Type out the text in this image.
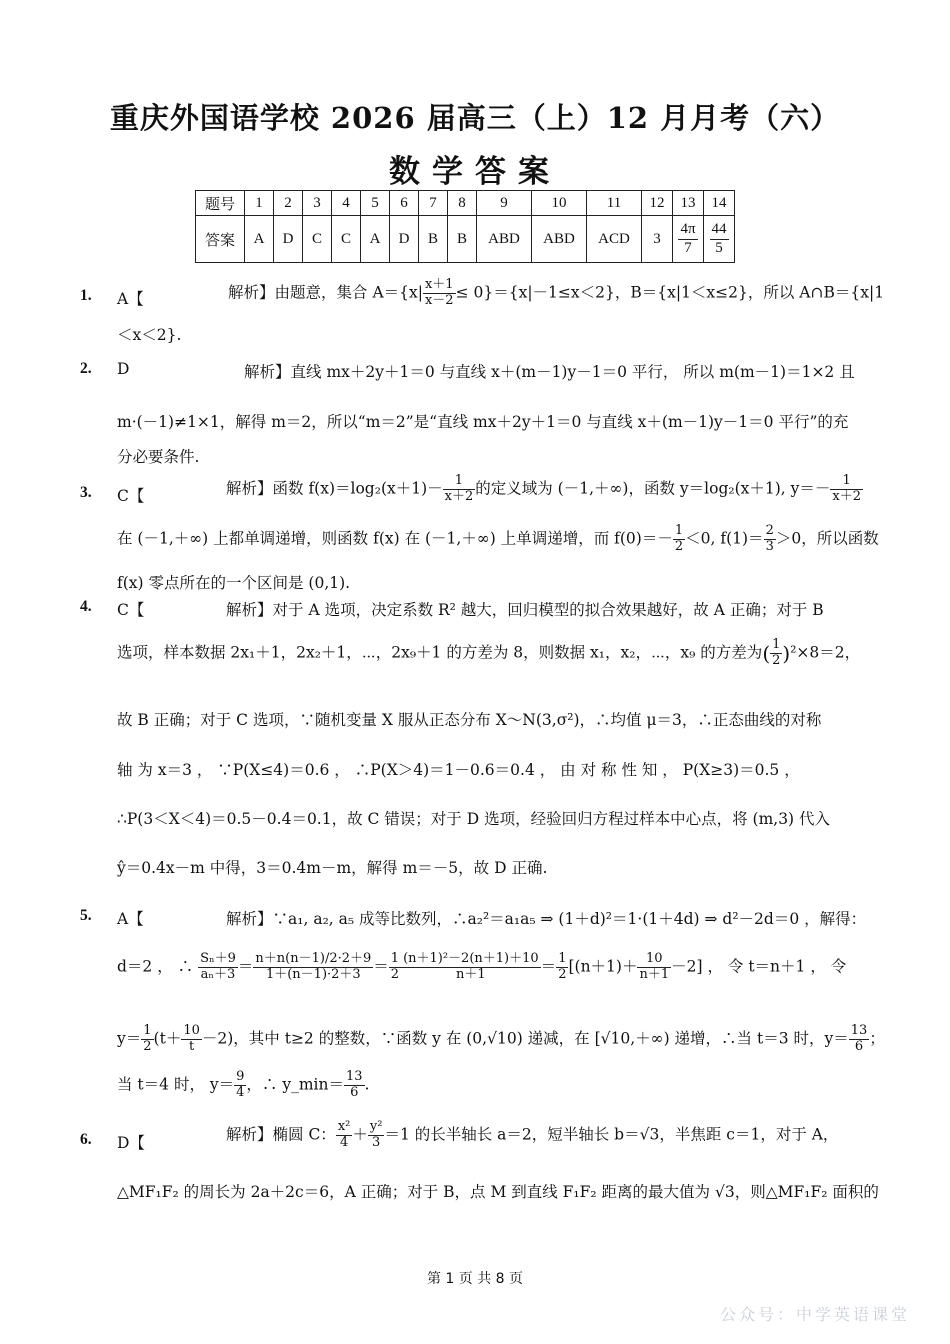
重庆外国语学校 2026 届高三（上）12 月月考（六）
数学答案
题号	1	2	3	4	5	6	7	8	9	10	11	12	13	14
答案	A	D	C	C	A	D	B	B	ABD	ABD	ACD	3	$\frac{4\pi}{7}$	$\frac{44}{5}$
1. A【	解析】由题意，集合 $A=\{x| \frac{x+1}{x-2} \le 0\}=\{x|-1\le x<2\}$，B＝{x|1＜x≤2}，所以 A∩B＝{x|1
＜x＜2}.
2. D	解析】直线 mx＋2y＋1＝0 与直线 x＋(m－1)y－1＝0 平行， 所以 m(m－1)＝1×2 且
m·(－1)≠1×1，解得 m＝2，所以“m＝2”是“直线 mx＋2y＋1＝0 与直线 x＋(m－1)y－1＝0 平行”的充
分必要条件.
3. C【	解析】函数 $f(x)=\log_2(x+1)- \frac{1}{x+2}$ 的定义域为 (－1,＋∞)，函数 y＝log₂(x＋1), $y=- \frac{1}{x+2}$
在 (－1,＋∞) 上都单调递增，则函数 f(x) 在 (－1,＋∞) 上单调递增，而 $f(0)=- \frac{1}{2} <0$, $f(1)= \frac{2}{3} >0$，所以函数
f(x) 零点所在的一个区间是 (0,1).
4. C【	解析】对于 A 选项，决定系数 R² 越大，回归模型的拟合效果越好，故 A 正确；对于 B
选项，样本数据 2x₁＋1，2x₂＋1，⋯，2x₉＋1 的方差为 8，则数据 x₁，x₂，⋯，x₉ 的方差为( $\frac{1}{2} )^2\times 8=2$，
故 B 正确；对于 C 选项，∵随机变量 X 服从正态分布 X～N(3,σ²)，∴均值 μ＝3，∴正态曲线的对称
轴 为 x＝3 ， ∵P(X≤4)＝0.6 ， ∴P(X＞4)＝1－0.6＝0.4 ， 由 对 称 性 知 ， P(X≥3)＝0.5 ，
∴P(3＜X＜4)＝0.5－0.4＝0.1，故 C 错误；对于 D 选项，经验回归方程过样本中心点，将 (m,3) 代入
ŷ＝0.4x－m 中得，3＝0.4m－m，解得 m＝－5，故 D 正确.
5. A【	解析】∵a₁, a₂, a₅ 成等比数列，∴a₂²＝a₁a₅ ⇒ (1＋d)²＝1·(1＋4d) ⇒ d²－2d＝0 ，解得：
d＝2 ， ∴ $\frac{\text{Sₙ＋9}}{\text{aₙ＋3}} = \frac{n+n(n-1)/2\cdot 2+9}{1+(n-1)\cdot 2+3} = \frac{1}{2} \frac{\text{(n＋1)²－2(n＋1)＋10}}{n+1} = \frac{1}{2} [(n+1)+ \frac{10}{n+1} -2]$ ， 令 t＝n＋1 ， 令
$y= \frac{1}{2} (t+ \frac{10}{t} -2)$，其中 t≥2 的整数，∵函数 y 在 (0,√10) 递减，在 [√10,＋∞) 递增，∴当 t＝3 时，$y= \frac{13}{6}$ ；
当 t＝4 时， $y= \frac{9}{4}$ ，∴ y_min＝ $\frac{13}{6}$ .
6. D【	解析】椭圆 C： $\frac{\text{x²}}{4} + \frac{\text{y²}}{3} =1$ 的长半轴长 a＝2，短半轴长 b＝√3，半焦距 c＝1，对于 A，
△MF₁F₂ 的周长为 2a＋2c＝6，A 正确；对于 B，点 M 到直线 F₁F₂ 距离的最大值为 √3，则△MF₁F₂ 面积的
第 1 页 共 8 页
公众号：中学英语课堂
